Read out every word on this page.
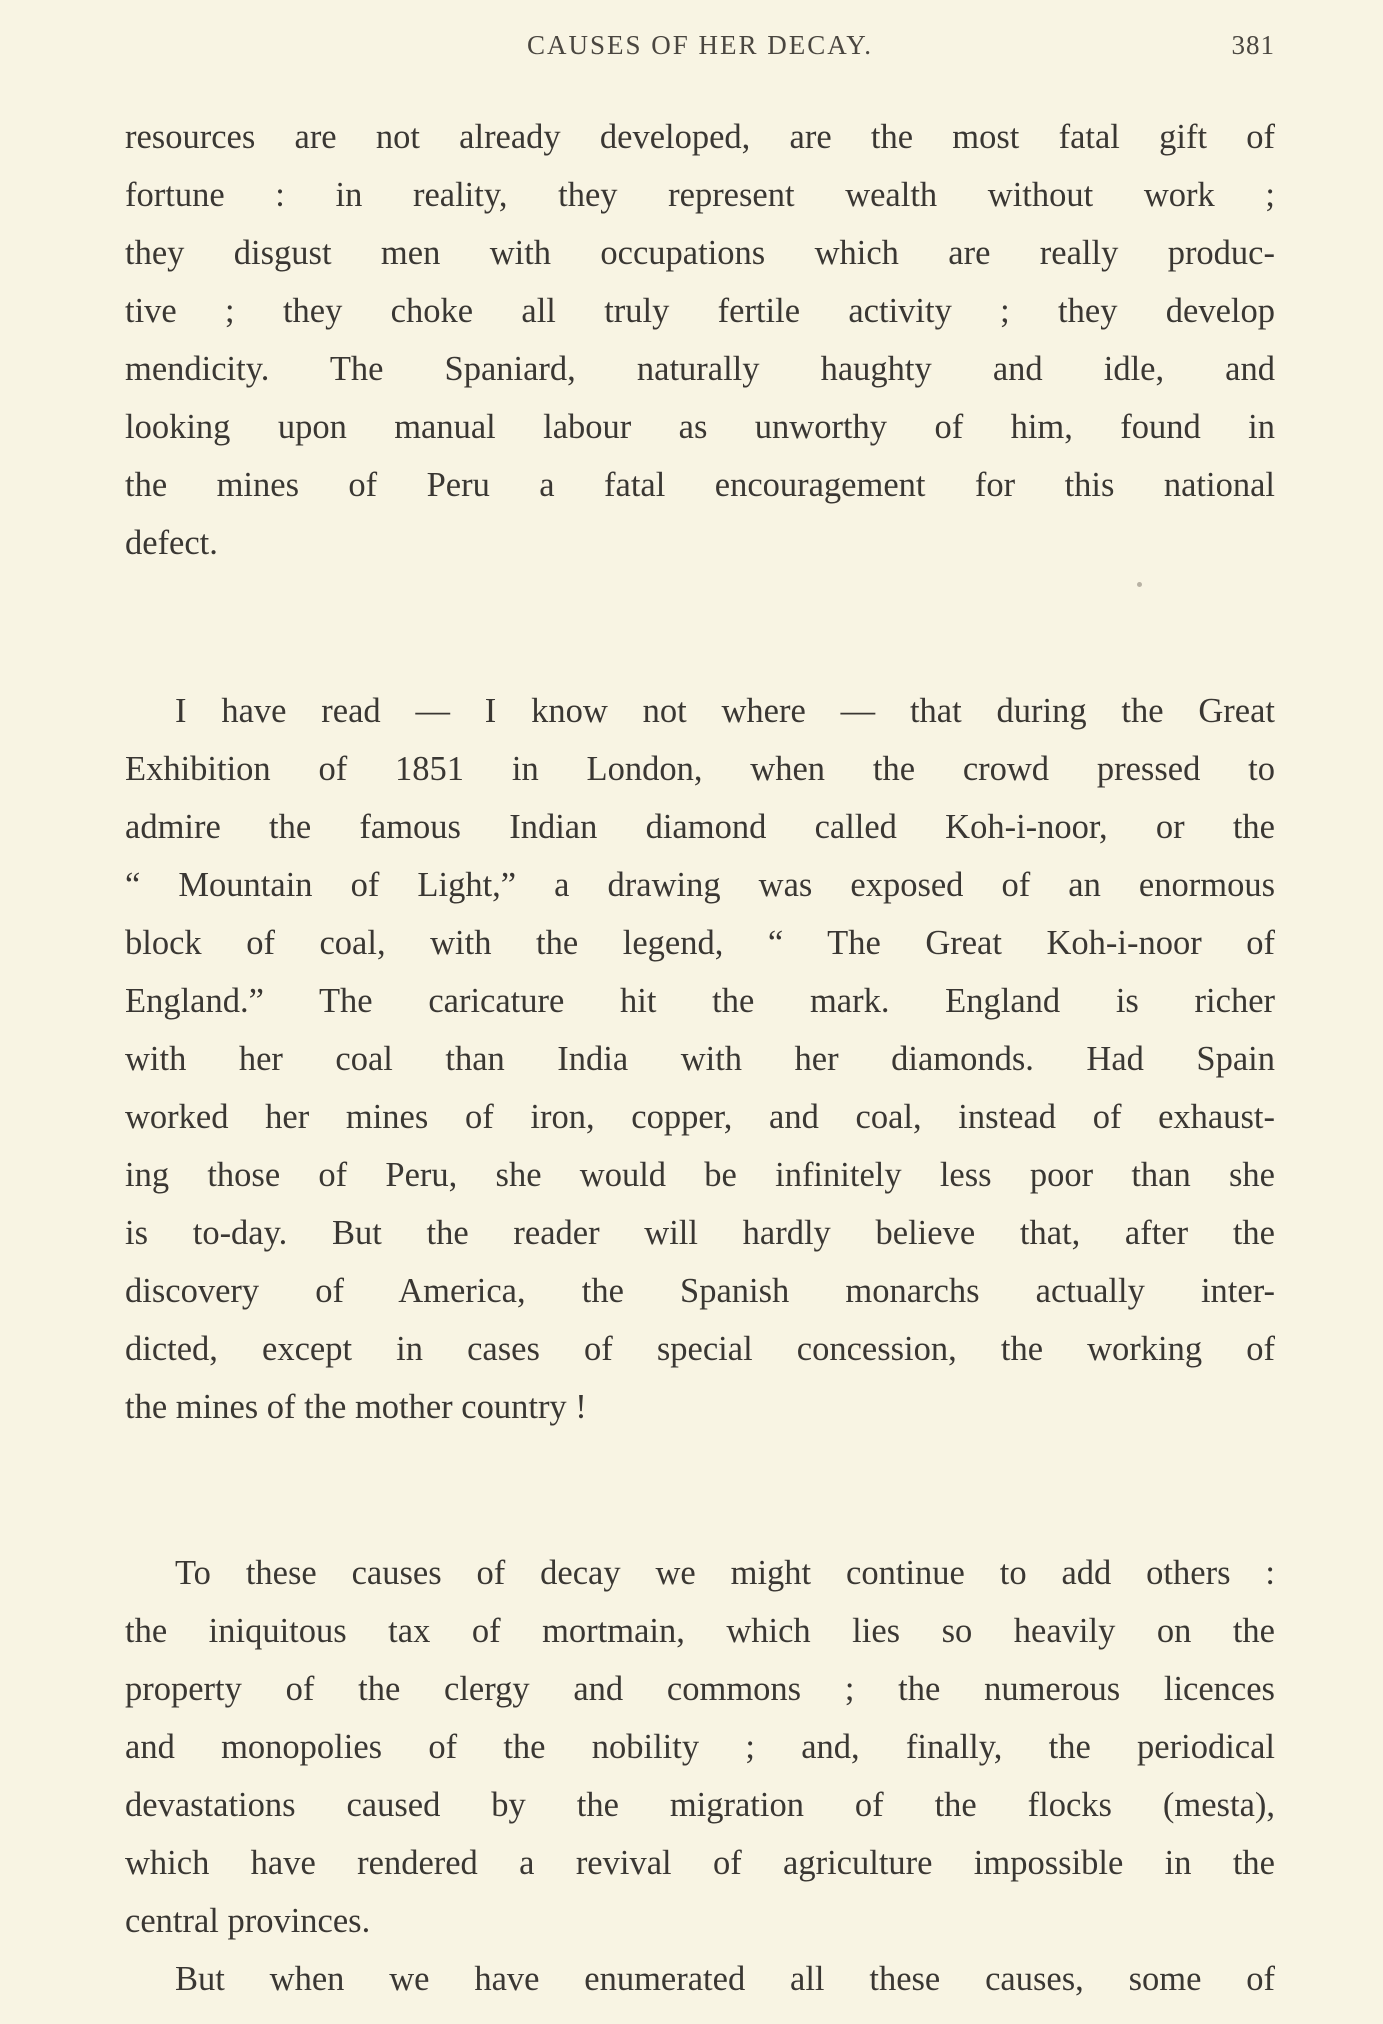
CAUSES OF HER DECAY.	381
resources are not already developed, are the most fatal gift of
fortune : in reality, they represent wealth without work ;
they disgust men with occupations which are really produc-
tive ; they choke all truly fertile activity ; they develop
mendicity. The Spaniard, naturally haughty and idle, and
looking upon manual labour as unworthy of him, found in
the mines of Peru a fatal encouragement for this national
defect.
I have read — I know not where — that during the Great
Exhibition of 1851 in London, when the crowd pressed to
admire the famous Indian diamond called Koh-i-noor, or the
“ Mountain of Light,” a drawing was exposed of an enormous
block of coal, with the legend, “ The Great Koh-i-noor of
England.” The caricature hit the mark. England is richer
with her coal than India with her diamonds. Had Spain
worked her mines of iron, copper, and coal, instead of exhaust-
ing those of Peru, she would be infinitely less poor than she
is to-day. But the reader will hardly believe that, after the
discovery of America, the Spanish monarchs actually inter-
dicted, except in cases of special concession, the working of
the mines of the mother country !
To these causes of decay we might continue to add others :
the iniquitous tax of mortmain, which lies so heavily on the
property of the clergy and commons ; the numerous licences
and monopolies of the nobility ; and, finally, the periodical
devastations caused by the migration of the flocks (mesta),
which have rendered a revival of agriculture impossible in the
central provinces.
But when we have enumerated all these causes, some of
